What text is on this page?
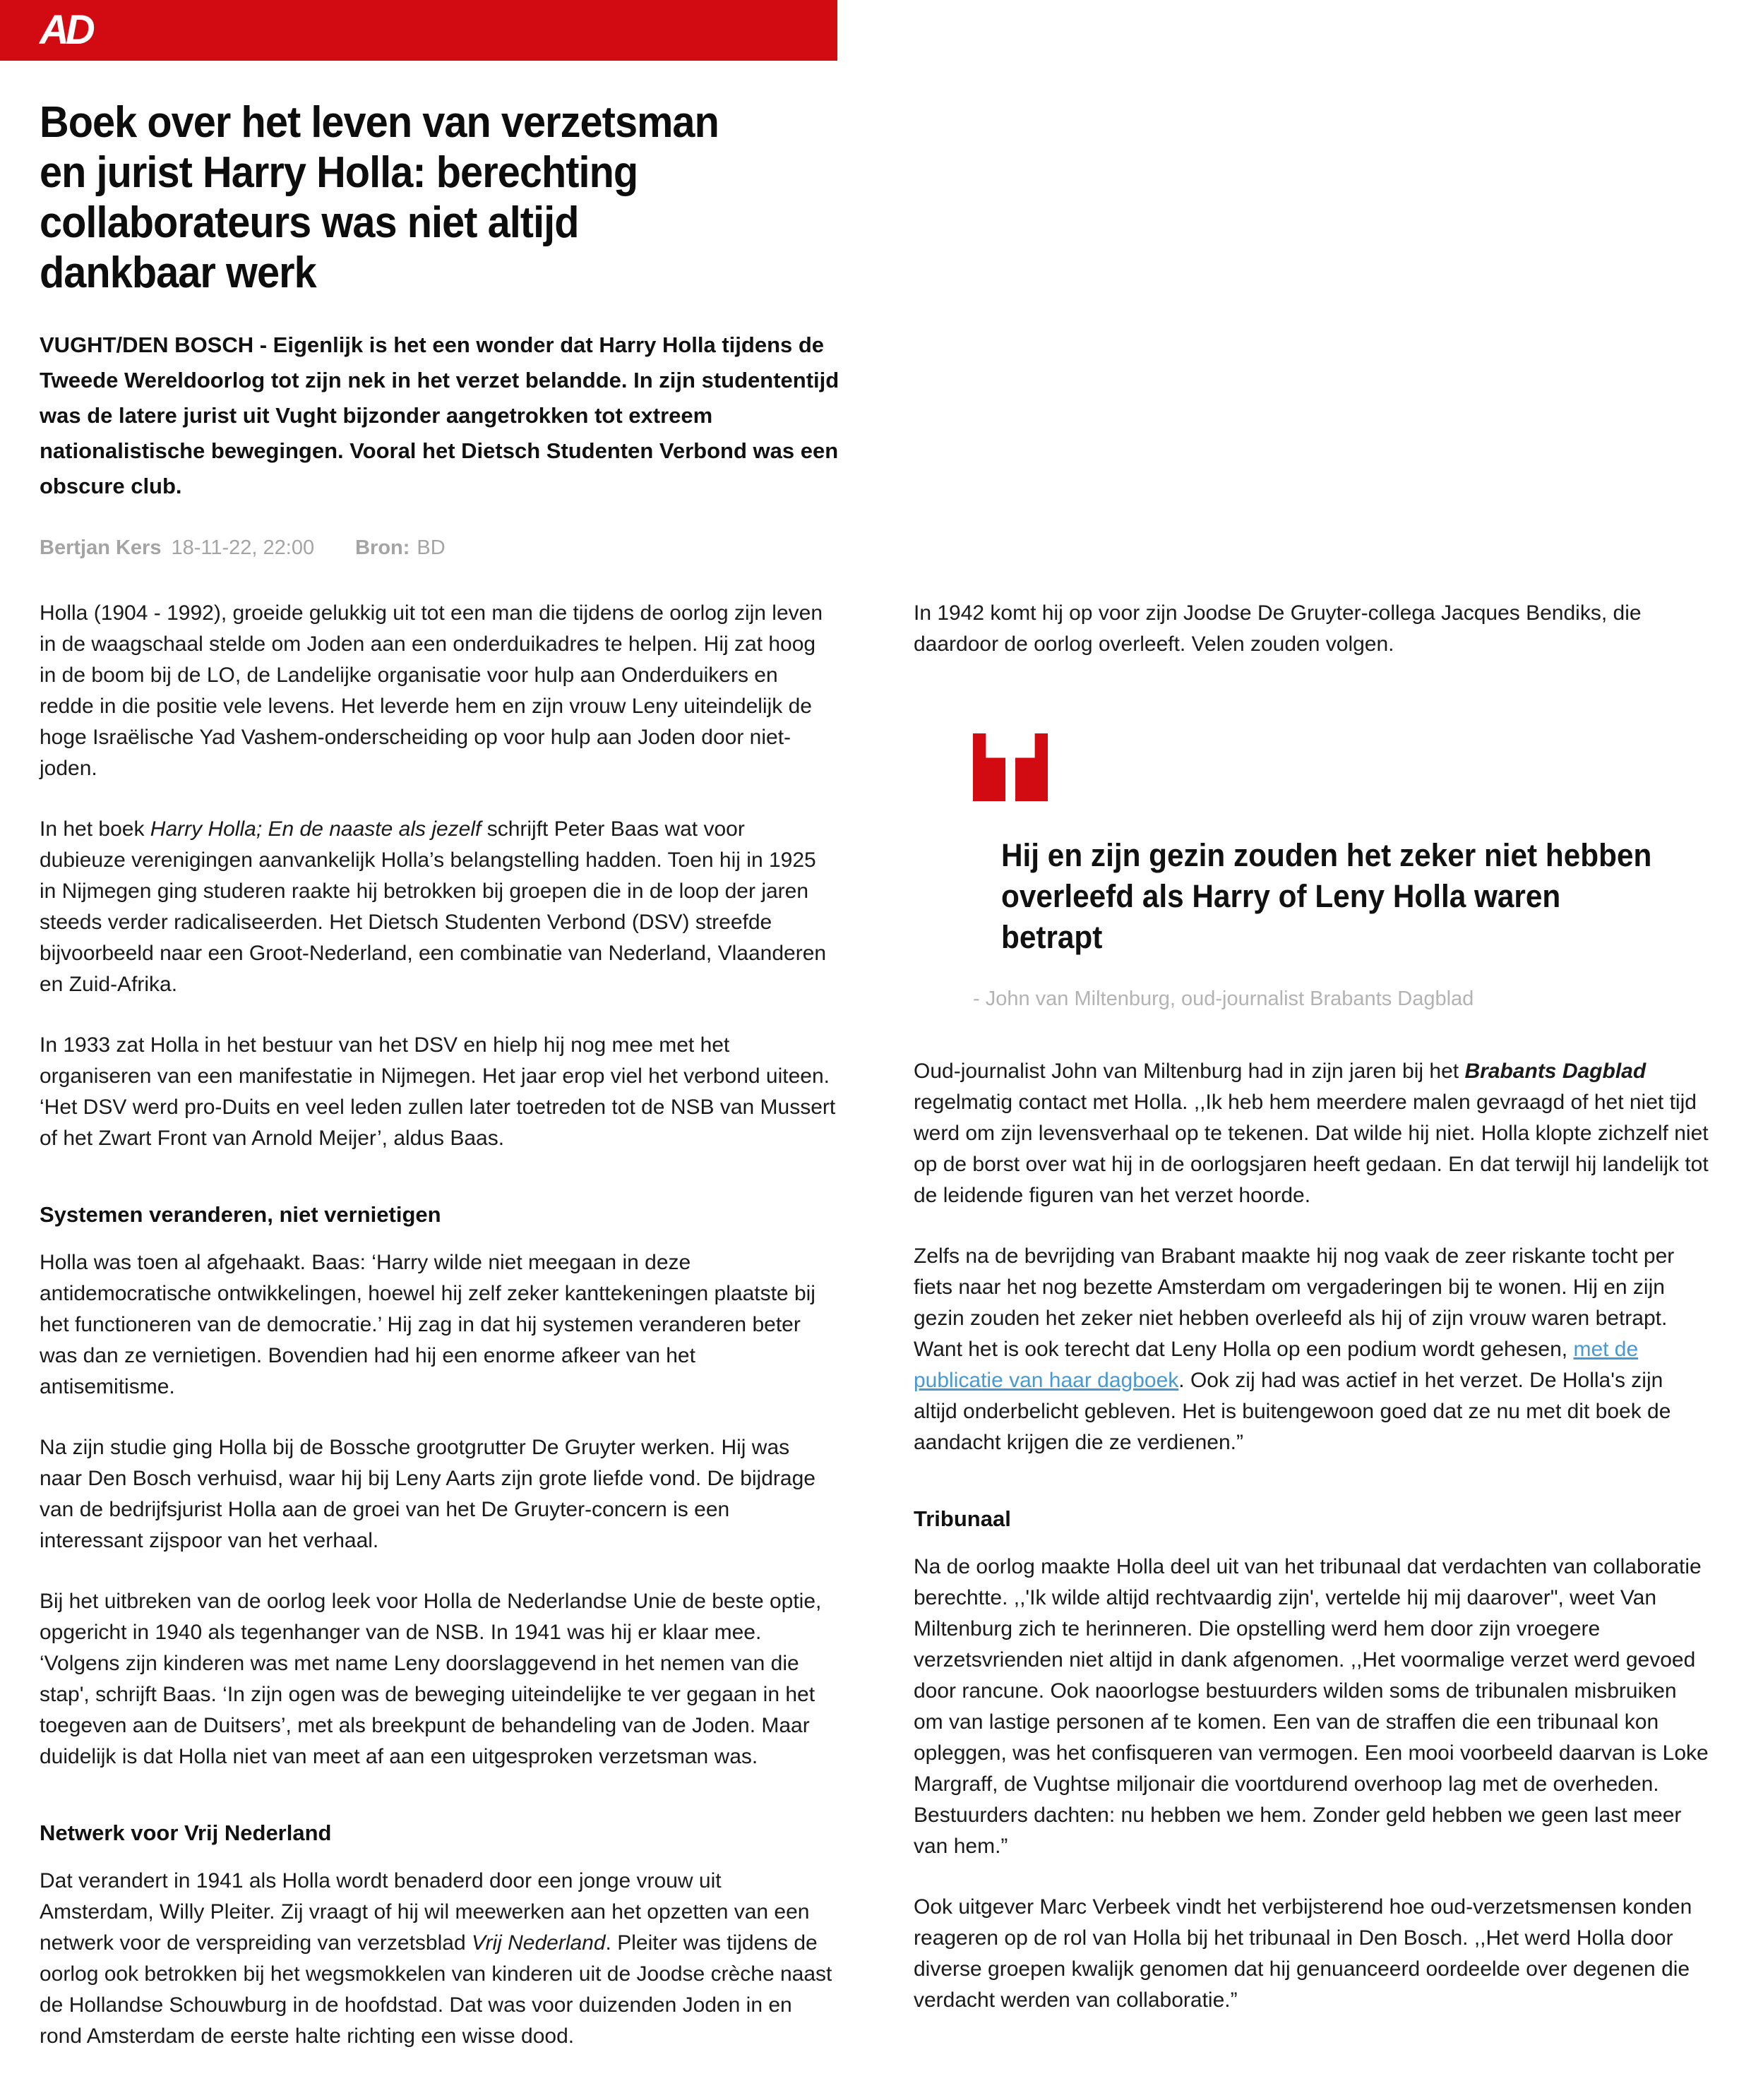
AD
Boek over het leven van verzetsman
en jurist Harry Holla: berechting
collaborateurs was niet altijd
dankbaar werk

VUGHT/DEN BOSCH - Eigenlijk is het een wonder dat Harry Holla tijdens de Tweede Wereldoorlog tot zijn nek in het verzet belandde. In zijn studententijd was de latere jurist uit Vught bijzonder aangetrokken tot extreem nationalistische bewegingen. Vooral het Dietsch Studenten Verbond was een obscure club.

Bertjan Kers 18-11-22, 22:00 Bron: BD

Holla (1904 - 1992), groeide gelukkig uit tot een man die tijdens de oorlog zijn leven in de waagschaal stelde om Joden aan een onderduikadres te helpen. Hij zat hoog in de boom bij de LO, de Landelijke organisatie voor hulp aan Onderduikers en redde in die positie vele levens. Het leverde hem en zijn vrouw Leny uiteindelijk de hoge Israëlische Yad Vashem-onderscheiding op voor hulp aan Joden door niet-joden.

In het boek Harry Holla; En de naaste als jezelf schrijft Peter Baas wat voor dubieuze verenigingen aanvankelijk Holla’s belangstelling hadden. Toen hij in 1925 in Nijmegen ging studeren raakte hij betrokken bij groepen die in de loop der jaren steeds verder radicaliseerden. Het Dietsch Studenten Verbond (DSV) streefde bijvoorbeeld naar een Groot-Nederland, een combinatie van Nederland, Vlaanderen en Zuid-Afrika.

In 1933 zat Holla in het bestuur van het DSV en hielp hij nog mee met het organiseren van een manifestatie in Nijmegen. Het jaar erop viel het verbond uiteen. ‘Het DSV werd pro-Duits en veel leden zullen later toetreden tot de NSB van Mussert of het Zwart Front van Arnold Meijer’, aldus Baas.

Systemen veranderen, niet vernietigen

Holla was toen al afgehaakt. Baas: ‘Harry wilde niet meegaan in deze antidemocratische ontwikkelingen, hoewel hij zelf zeker kanttekeningen plaatste bij het functioneren van de democratie.’ Hij zag in dat hij systemen veranderen beter was dan ze vernietigen. Bovendien had hij een enorme afkeer van het antisemitisme.

Na zijn studie ging Holla bij de Bossche grootgrutter De Gruyter werken. Hij was naar Den Bosch verhuisd, waar hij bij Leny Aarts zijn grote liefde vond. De bijdrage van de bedrijfsjurist Holla aan de groei van het De Gruyter-concern is een interessant zijspoor van het verhaal.

Bij het uitbreken van de oorlog leek voor Holla de Nederlandse Unie de beste optie, opgericht in 1940 als tegenhanger van de NSB. In 1941 was hij er klaar mee. ‘Volgens zijn kinderen was met name Leny doorslaggevend in het nemen van die stap', schrijft Baas. ‘In zijn ogen was de beweging uiteindelijke te ver gegaan in het toegeven aan de Duitsers’, met als breekpunt de behandeling van de Joden. Maar duidelijk is dat Holla niet van meet af aan een uitgesproken verzetsman was.

Netwerk voor Vrij Nederland

Dat verandert in 1941 als Holla wordt benaderd door een jonge vrouw uit Amsterdam, Willy Pleiter. Zij vraagt of hij wil meewerken aan het opzetten van een netwerk voor de verspreiding van verzetsblad Vrij Nederland. Pleiter was tijdens de oorlog ook betrokken bij het wegsmokkelen van kinderen uit de Joodse crèche naast de Hollandse Schouwburg in de hoofdstad. Dat was voor duizenden Joden in en rond Amsterdam de eerste halte richting een wisse dood.

In 1942 komt hij op voor zijn Joodse De Gruyter-collega Jacques Bendiks, die daardoor de oorlog overleeft. Velen zouden volgen.

Hij en zijn gezin zouden het zeker niet hebben
overleefd als Harry of Leny Holla waren
betrapt
- John van Miltenburg, oud-journalist Brabants Dagblad

Oud-journalist John van Miltenburg had in zijn jaren bij het Brabants Dagblad regelmatig contact met Holla. ,,Ik heb hem meerdere malen gevraagd of het niet tijd werd om zijn levensverhaal op te tekenen. Dat wilde hij niet. Holla klopte zichzelf niet op de borst over wat hij in de oorlogsjaren heeft gedaan. En dat terwijl hij landelijk tot de leidende figuren van het verzet hoorde.

Zelfs na de bevrijding van Brabant maakte hij nog vaak de zeer riskante tocht per fiets naar het nog bezette Amsterdam om vergaderingen bij te wonen. Hij en zijn gezin zouden het zeker niet hebben overleefd als hij of zijn vrouw waren betrapt. Want het is ook terecht dat Leny Holla op een podium wordt gehesen, met de publicatie van haar dagboek. Ook zij had was actief in het verzet. De Holla's zijn altijd onderbelicht gebleven. Het is buitengewoon goed dat ze nu met dit boek de aandacht krijgen die ze verdienen.”

Tribunaal

Na de oorlog maakte Holla deel uit van het tribunaal dat verdachten van collaboratie berechtte. ,,'Ik wilde altijd rechtvaardig zijn', vertelde hij mij daarover", weet Van Miltenburg zich te herinneren. Die opstelling werd hem door zijn vroegere verzetsvrienden niet altijd in dank afgenomen. ,,Het voormalige verzet werd gevoed door rancune. Ook naoorlogse bestuurders wilden soms de tribunalen misbruiken om van lastige personen af te komen. Een van de straffen die een tribunaal kon opleggen, was het confisqueren van vermogen. Een mooi voorbeeld daarvan is Loke Margraff, de Vughtse miljonair die voortdurend overhoop lag met de overheden. Bestuurders dachten: nu hebben we hem. Zonder geld hebben we geen last meer van hem.”

Ook uitgever Marc Verbeek vindt het verbijsterend hoe oud-verzetsmensen konden reageren op de rol van Holla bij het tribunaal in Den Bosch. ,,Het werd Holla door diverse groepen kwalijk genomen dat hij genuanceerd oordeelde over degenen die verdacht werden van collaboratie.”
